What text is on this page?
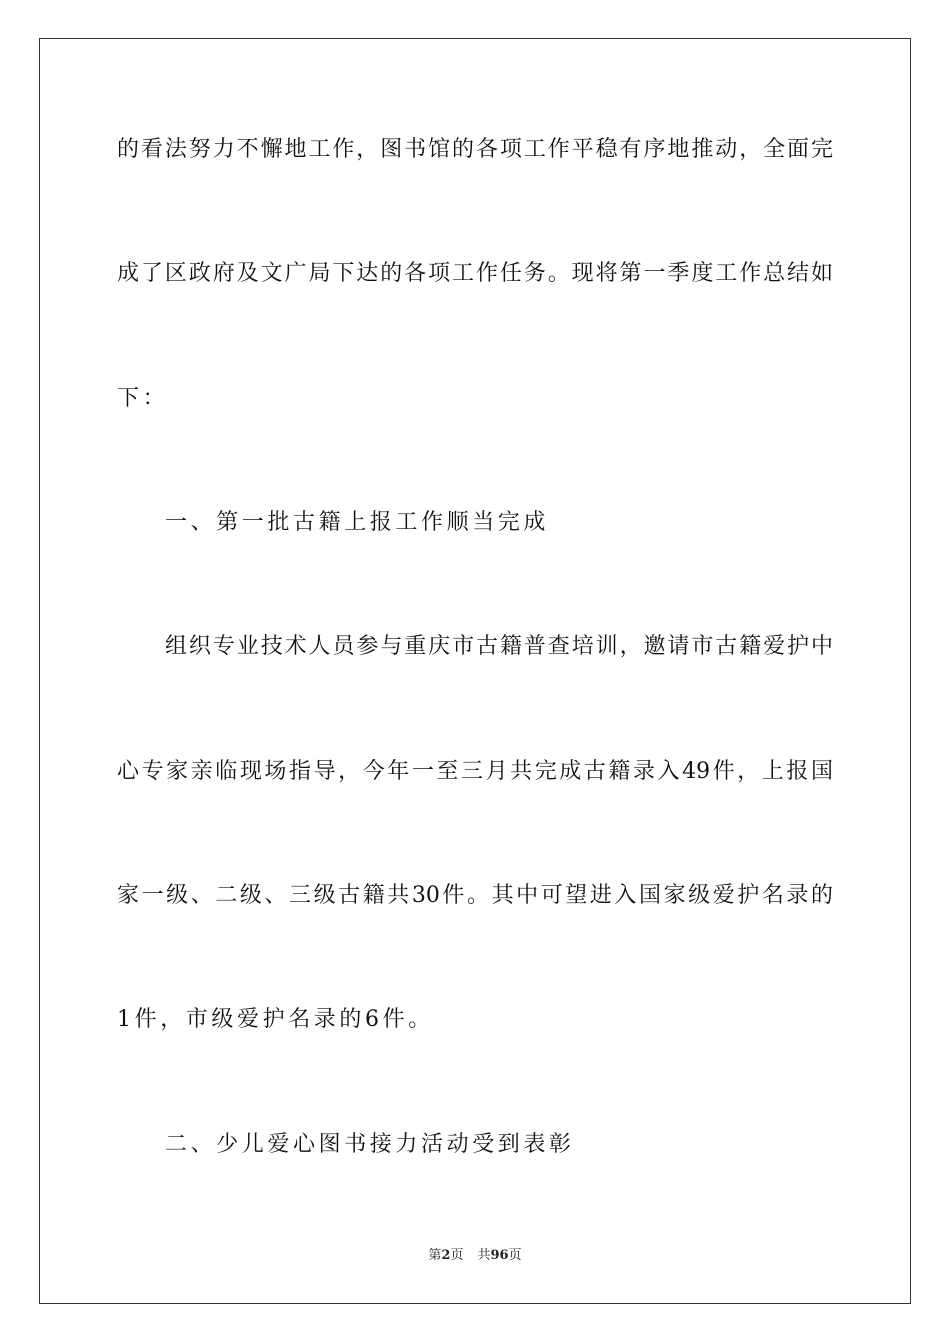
的看法努力不懈地工作，图书馆的各项工作平稳有序地推动，全面完
成了区政府及文广局下达的各项工作任务。现将第一季度工作总结如
下：
一、第一批古籍上报工作顺当完成
组织专业技术人员参与重庆市古籍普查培训，邀请市古籍爱护中
心专家亲临现场指导，今年一至三月共完成古籍录入49件，上报国
家一级、二级、三级古籍共30件。其中可望进入国家级爱护名录的
1件，市级爱护名录的6件。
二、少儿爱心图书接力活动受到表彰
第2页 共96页
